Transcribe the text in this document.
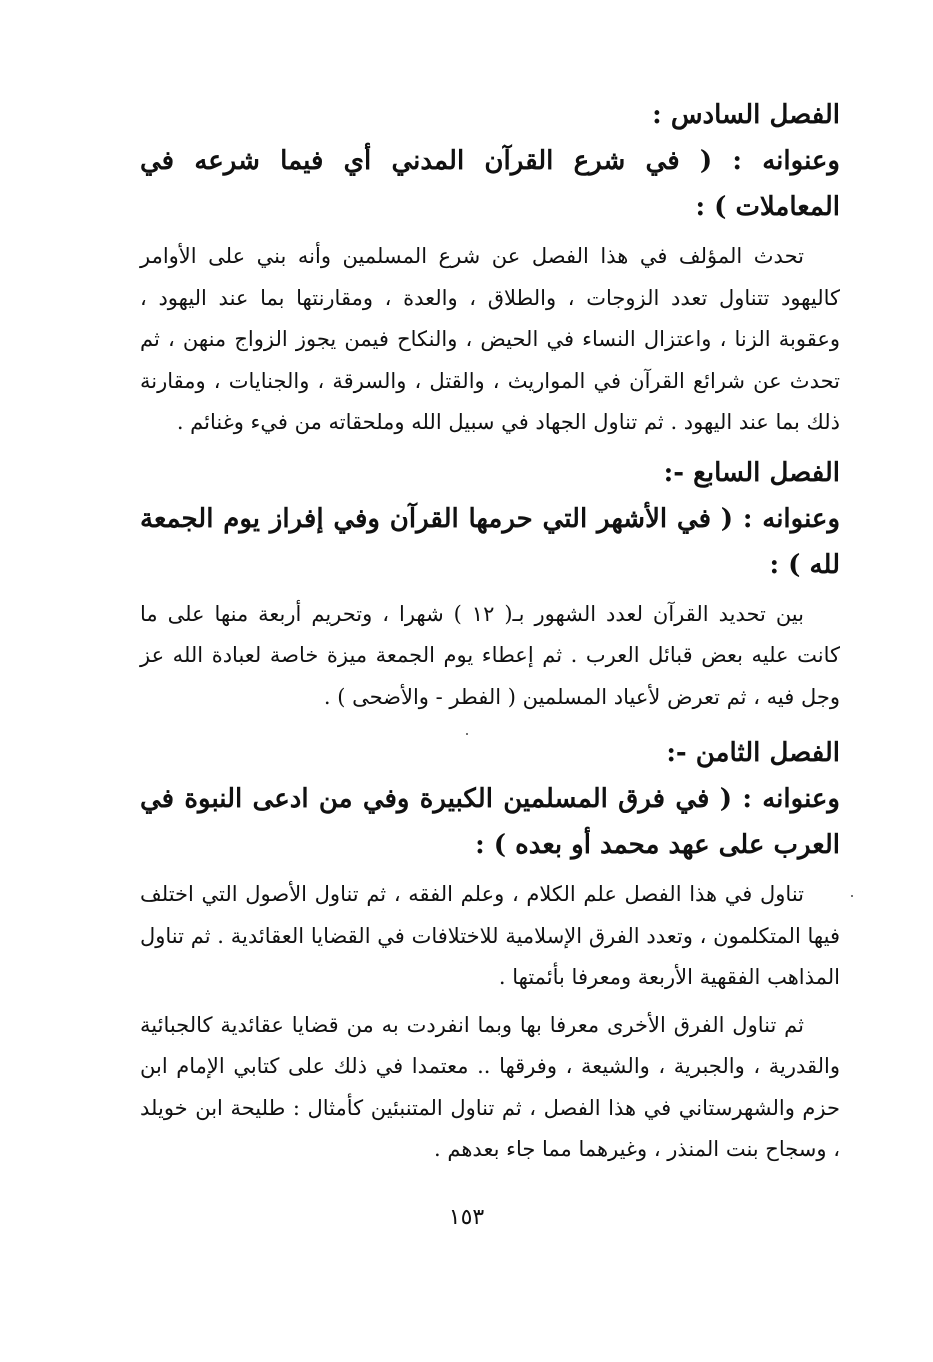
الفصل السادس :

وعنوانه : ( في شرع القرآن المدني أي فيما شرعه في المعاملات ) :

تحدث المؤلف في هذا الفصل عن شرع المسلمين وأنه بني على الأوامر كاليهود تتناول تعدد الزوجات ، والطلاق ، والعدة ، ومقارنتها بما عند اليهود ، وعقوبة الزنا ، واعتزال النساء في الحيض ، والنكاح فيمن يجوز الزواج منهن ، ثم تحدث عن شرائع القرآن في المواريث ، والقتل ، والسرقة ، والجنايات ، ومقارنة ذلك بما عند اليهود . ثم تناول الجهاد في سبيل الله وملحقاته من فيء وغنائم .

الفصل السابع -:

وعنوانه : ( في الأشهر التي حرمها القرآن وفي إفراز يوم الجمعة لله ) :

بين تحديد القرآن لعدد الشهور بـ( ١٢ ) شهرا ، وتحريم أربعة منها على ما كانت عليه بعض قبائل العرب . ثم إعطاء يوم الجمعة ميزة خاصة لعبادة الله عز وجل فيه ، ثم تعرض لأعياد المسلمين ( الفطر - والأضحى ) .

الفصل الثامن -:

وعنوانه : ( في فرق المسلمين الكبيرة وفي من ادعى النبوة في العرب على عهد محمد أو بعده ) :

تناول في هذا الفصل علم الكلام ، وعلم الفقه ، ثم تناول الأصول التي اختلف فيها المتكلمون ، وتعدد الفرق الإسلامية للاختلافات في القضايا العقائدية . ثم تناول المذاهب الفقهية الأربعة ومعرفا بأئمتها .

ثم تناول الفرق الأخرى معرفا بها وبما انفردت به من قضايا عقائدية كالجبائية والقدرية ، والجبرية ، والشيعة ، وفرقها .. معتمدا في ذلك على كتابي الإمام ابن حزم والشهرستاني في هذا الفصل ، ثم تناول المتنبئين كأمثال : طليحة ابن خويلد ، وسجاح بنت المنذر ، وغيرهما مما جاء بعدهم .

١٥٣
